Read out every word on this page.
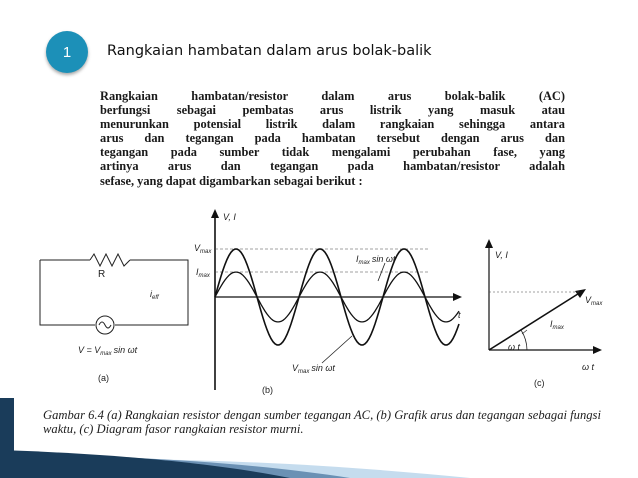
1	Rangkaian hambatan dalam arus bolak-balik

Rangkaian hambatan/resistor dalam arus bolak-balik (AC)
berfungsi sebagai pembatas arus listrik yang masuk atau
menurunkan potensial listrik dalam rangkaian sehingga antara
arus dan tegangan pada hambatan tersebut dengan arus dan
tegangan pada sumber tidak mengalami perubahan fase, yang
artinya arus dan tegangan pada hambatan/resistor adalah
sefase, yang dapat digambarkan sebagai berikut :

R
$i_{eff}$
$V = V_{max}$ sin ωt
(a)
V, I
$V_{max}$
$I_{max}$
t
$I_{max}$ sin ωt
$V_{max}$ sin ωt
(b)
V, I
$V_{max}$
$I_{max}$
ω t
ω t
(c)

Gambar 6.4 (a) Rangkaian resistor dengan sumber tegangan AC, (b) Grafik arus dan tegangan sebagai fungsi
waktu, (c) Diagram fasor rangkaian resistor murni.
